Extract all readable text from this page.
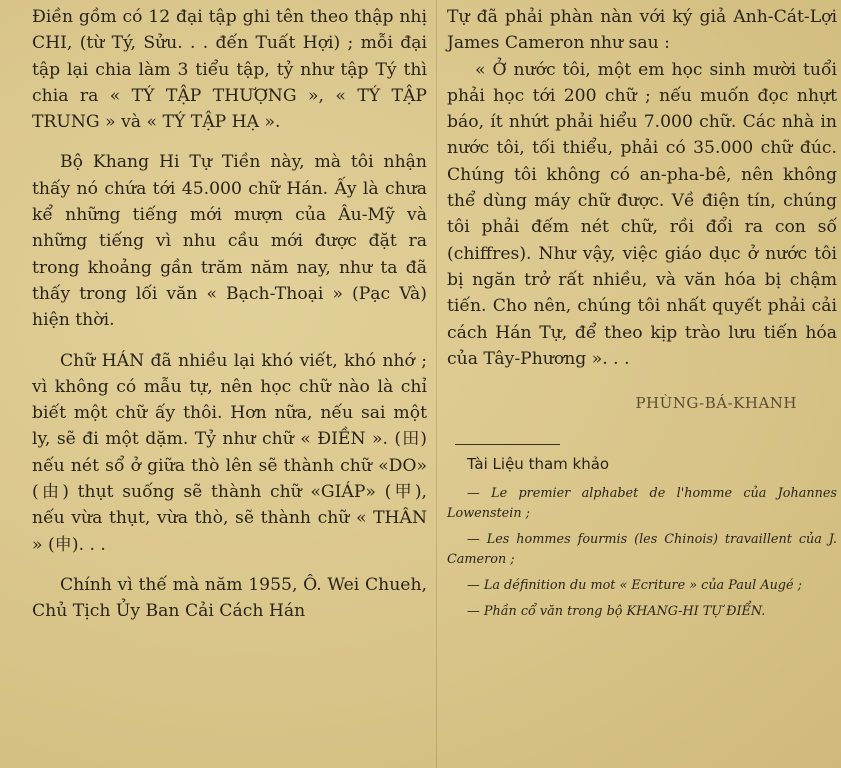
Điền gồm có 12 đại tập ghi tên theo thập nhị CHI, (từ Tý, Sửu. . . đến Tuất Hợi) ; mỗi đại tập lại chia làm 3 tiểu tập, tỷ như tập Tý thì chia ra « TÝ TẬP THƯỢNG », « TÝ TẬP TRUNG » và « TÝ TẬP HẠ ».

Bộ Khang Hi Tự Tiền này, mà tôi nhận thấy nó chứa tới 45.000 chữ Hán. Ấy là chưa kể những tiếng mới mượn của Âu-Mỹ và những tiếng vì nhu cầu mới được đặt ra trong khoảng gần trăm năm nay, như ta đã thấy trong lối văn « Bạch-Thoại » (Pạc Và) hiện thời.

Chữ HÁN đã nhiều lại khó viết, khó nhớ ; vì không có mẫu tự, nên học chữ nào là chỉ biết một chữ ấy thôi. Hơn nữa, nếu sai một ly, sẽ đi một dặm. Tỷ như chữ « ĐIỀN ». (田) nếu nét sổ ở giữa thò lên sẽ thành chữ «DO» (由) thụt suống sẽ thành chữ «GIÁP» (甲), nếu vừa thụt, vừa thò, sẽ thành chữ « THÂN » (申). . .

Chính vì thế mà năm 1955, Ô. Wei Chueh, Chủ Tịch Ủy Ban Cải Cách Hán

Tự đã phải phàn nàn với ký giả Anh-Cát-Lợi James Cameron như sau :

« Ở nước tôi, một em học sinh mười tuổi phải học tới 200 chữ ; nếu muốn đọc nhựt báo, ít nhứt phải hiểu 7.000 chữ. Các nhà in nước tôi, tối thiểu, phải có 35.000 chữ đúc. Chúng tôi không có an-pha-bê, nên không thể dùng máy chữ được. Về điện tín, chúng tôi phải đếm nét chữ, rồi đổi ra con số (chiffres). Như vậy, việc giáo dục ở nước tôi bị ngăn trở rất nhiều, và văn hóa bị chậm tiến. Cho nên, chúng tôi nhất quyết phải cải cách Hán Tự, để theo kịp trào lưu tiến hóa của Tây-Phương ». . .

PHÙNG-BÁ-KHANH

Tài Liệu tham khảo

— Le premier alphabet de l'homme của Johannes Lowenstein ;

— Les hommes fourmis (les Chinois) travaillent của J. Cameron ;

— La définition du mot « Ecriture » của Paul Augé ;

— Phần cổ văn trong bộ KHANG-HI TỰ ĐIỂN.
